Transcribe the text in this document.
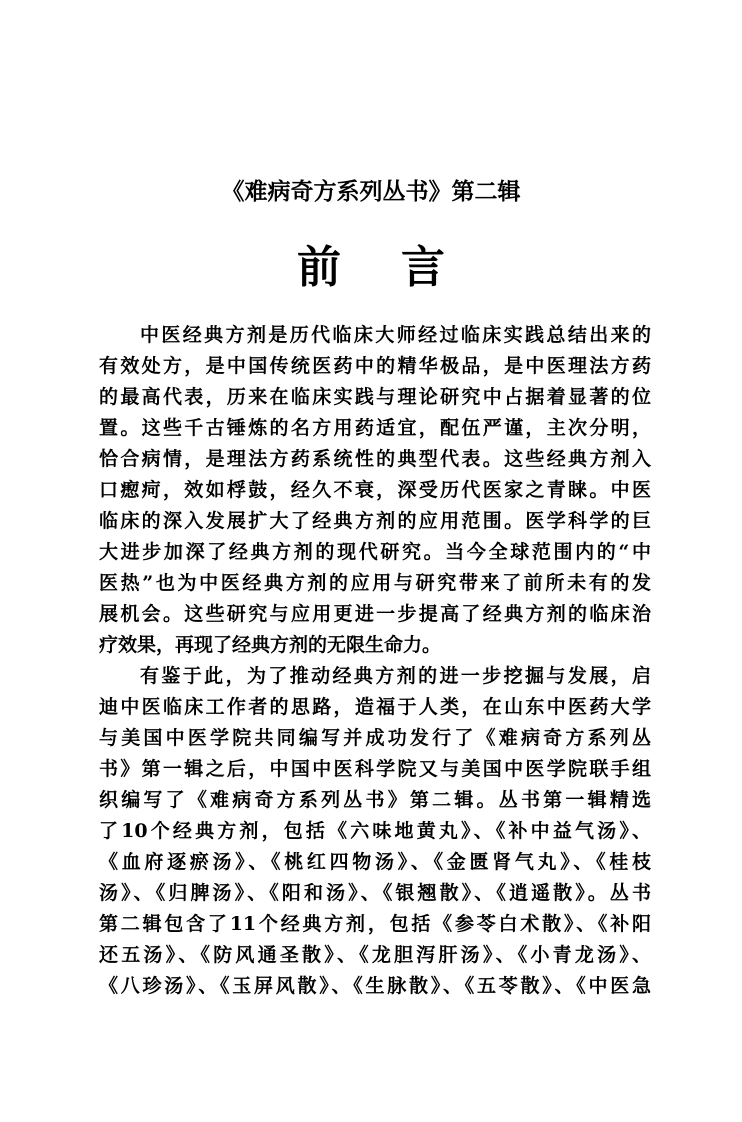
《难病奇方系列丛书》第二辑
前 言
中医经典方剂是历代临床大师经过临床实践总结出来的
有效处方，是中国传统医药中的精华极品，是中医理法方药
的最高代表，历来在临床实践与理论研究中占据着显著的位
置。这些千古锤炼的名方用药适宜，配伍严谨，主次分明，
恰合病情，是理法方药系统性的典型代表。这些经典方剂入
口瘛疴，效如桴鼓，经久不衰，深受历代医家之青睐。中医
临床的深入发展扩大了经典方剂的应用范围。医学科学的巨
大进步加深了经典方剂的现代研究。当今全球范围内的“中
医热”也为中医经典方剂的应用与研究带来了前所未有的发
展机会。这些研究与应用更进一步提高了经典方剂的临床治
疗效果，再现了经典方剂的无限生命力。
有鉴于此，为了推动经典方剂的进一步挖掘与发展，启
迪中医临床工作者的思路，造福于人类，在山东中医药大学
与美国中医学院共同编写并成功发行了《难病奇方系列丛
书》第一辑之后，中国中医科学院又与美国中医学院联手组
织编写了《难病奇方系列丛书》第二辑。丛书第一辑精选
了10个经典方剂，包括《六味地黄丸》、《补中益气汤》、
《血府逐瘀汤》、《桃红四物汤》、《金匮肾气丸》、《桂枝
汤》、《归脾汤》、《阳和汤》、《银翘散》、《逍遥散》。丛书
第二辑包含了11个经典方剂，包括《参苓白术散》、《补阳
还五汤》、《防风通圣散》、《龙胆泻肝汤》、《小青龙汤》、
《八珍汤》、《玉屏风散》、《生脉散》、《五苓散》、《中医急
